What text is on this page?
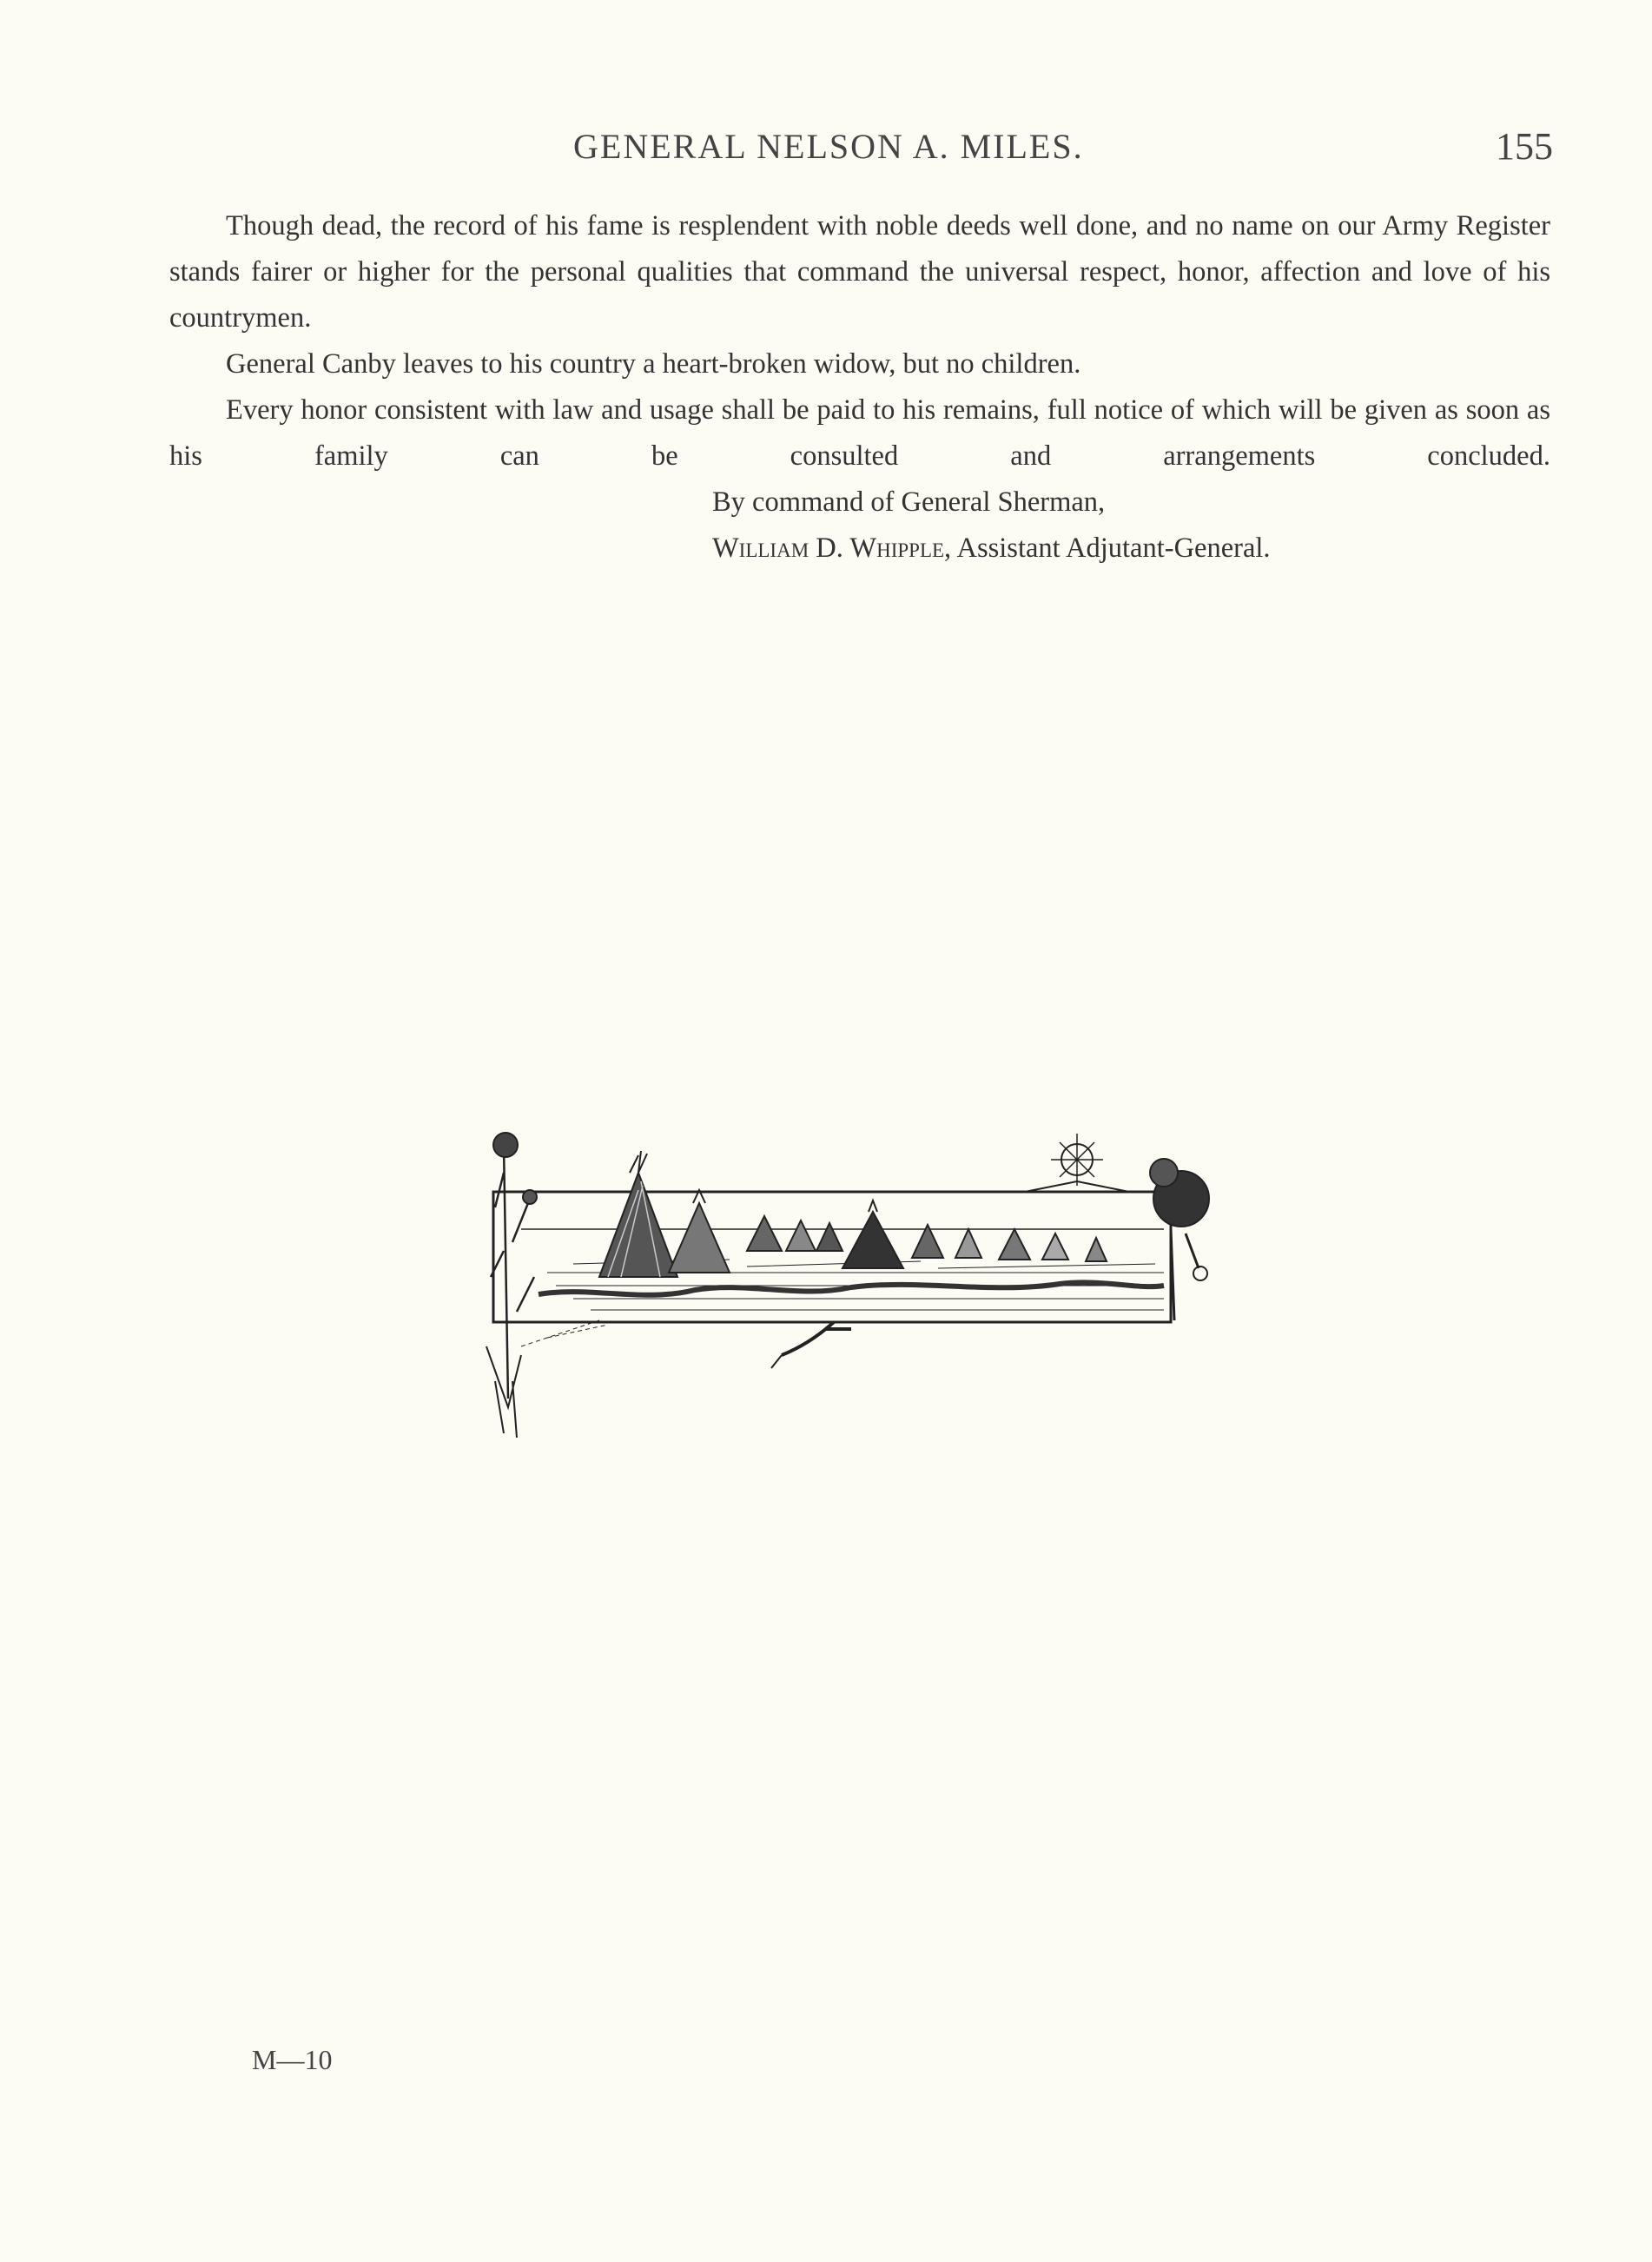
GENERAL NELSON A. MILES.	155

Though dead, the record of his fame is resplendent with noble deeds well done, and no name on our Army Register stands fairer or higher for the personal qualities that command the universal respect, honor, affection and love of his countrymen.

General Canby leaves to his country a heart-broken widow, but no children.

Every honor consistent with law and usage shall be paid to his remains, full notice of which will be given as soon as his family can be consulted and arrangements concluded.

By command of General Sherman,

William D. Whipple, Assistant Adjutant-General.

M—10
